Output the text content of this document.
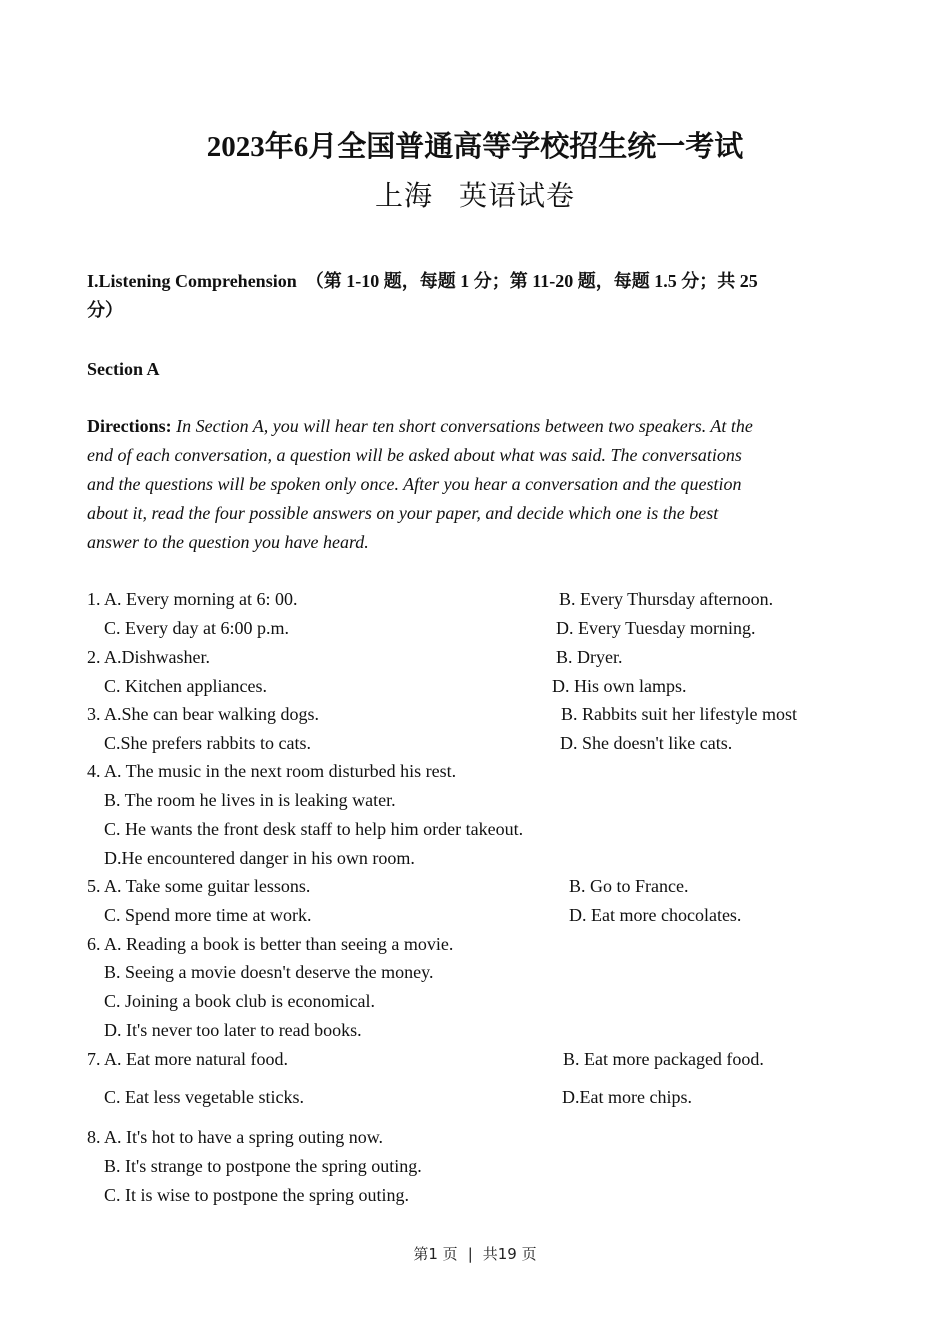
2023年6月全国普通高等学校招生统一考试
上海 英语试卷
I.Listening Comprehension （第 1-10 题，每题 1 分；第 11-20 题，每题 1.5 分；共 25
分）
Section A
Directions: In Section A, you will hear ten short conversations between two speakers. At the
end of each conversation, a question will be asked about what was said. The conversations
and the questions will be spoken only once. After you hear a conversation and the question
about it, read the four possible answers on your paper, and decide which one is the best
answer to the question you have heard.
1. A. Every morning at 6: 00.	B. Every Thursday afternoon.
C. Every day at 6:00 p.m.	D. Every Tuesday morning.
2. A.Dishwasher.	B. Dryer.
C. Kitchen appliances.	D. His own lamps.
3. A.She can bear walking dogs.	B. Rabbits suit her lifestyle most
C.She prefers rabbits to cats.	D. She doesn't like cats.
4. A. The music in the next room disturbed his rest.
B. The room he lives in is leaking water.
C. He wants the front desk staff to help him order takeout.
D.He encountered danger in his own room.
5. A. Take some guitar lessons.	B. Go to France.
C. Spend more time at work.	D. Eat more chocolates.
6. A. Reading a book is better than seeing a movie.
B. Seeing a movie doesn't deserve the money.
C. Joining a book club is economical.
D. It's never too later to read books.
7. A. Eat more natural food.	B. Eat more packaged food.
C. Eat less vegetable sticks.	D.Eat more chips.
8. A. It's hot to have a spring outing now.
B. It's strange to postpone the spring outing.
C. It is wise to postpone the spring outing.
第1 页 | 共19 页
